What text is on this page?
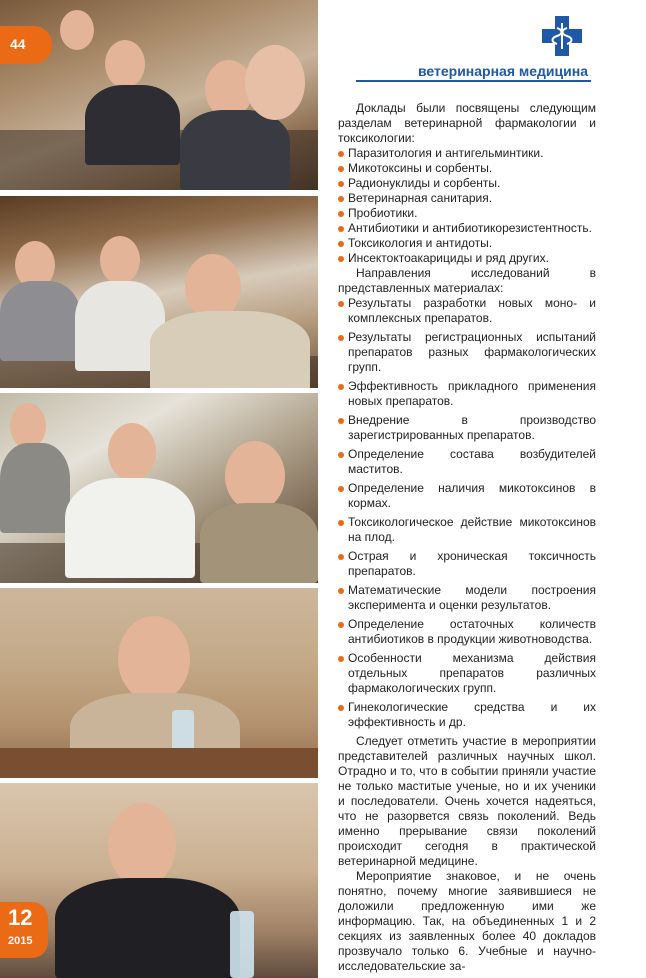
44
12
2015
ветеринарная медицина

Доклады были посвящены следующим разделам ветеринарной фармакологии и токсикологии:

Паразитология и антигельминтики.
Микотоксины и сорбенты.
Радионуклиды и сорбенты.
Ветеринарная санитария.
Пробиотики.
Антибиотики и антибиотикорезистентность.
Токсикология и антидоты.
Инсектоктоакарициды и ряд других.

Направления исследований в представленных материалах:

Результаты разработки новых моно- и комплексных препаратов.
Результаты регистрационных испытаний препаратов разных фармакологических групп.
Эффективность прикладного применения новых препаратов.
Внедрение в производство зарегистрированных препаратов.
Определение состава возбудителей маститов.
Определение наличия микотоксинов в кормах.
Токсикологическое действие микотоксинов на плод.
Острая и хроническая токсичность препаратов.
Математические модели построения эксперимента и оценки результатов.
Определение остаточных количеств антибиотиков в продукции животноводства.
Особенности механизма действия отдельных препаратов различных фармакологических групп.
Гинекологические средства и их эффективность и др.

Следует отметить участие в мероприятии представителей различных научных школ. Отрадно и то, что в событии приняли участие не только маститые ученые, но и их ученики и последователи. Очень хочется надеяться, что не разорвется связь поколений. Ведь именно прерывание связи поколений происходит сегодня в практической ветеринарной медицине.

Мероприятие знаковое, и не очень понятно, почему многие заявившиеся не доложили предложенную ими же информацию. Так, на объединенных 1 и 2 секциях из заявленных более 40 докладов прозвучало только 6. Учебные и научно-исследовательские за-
